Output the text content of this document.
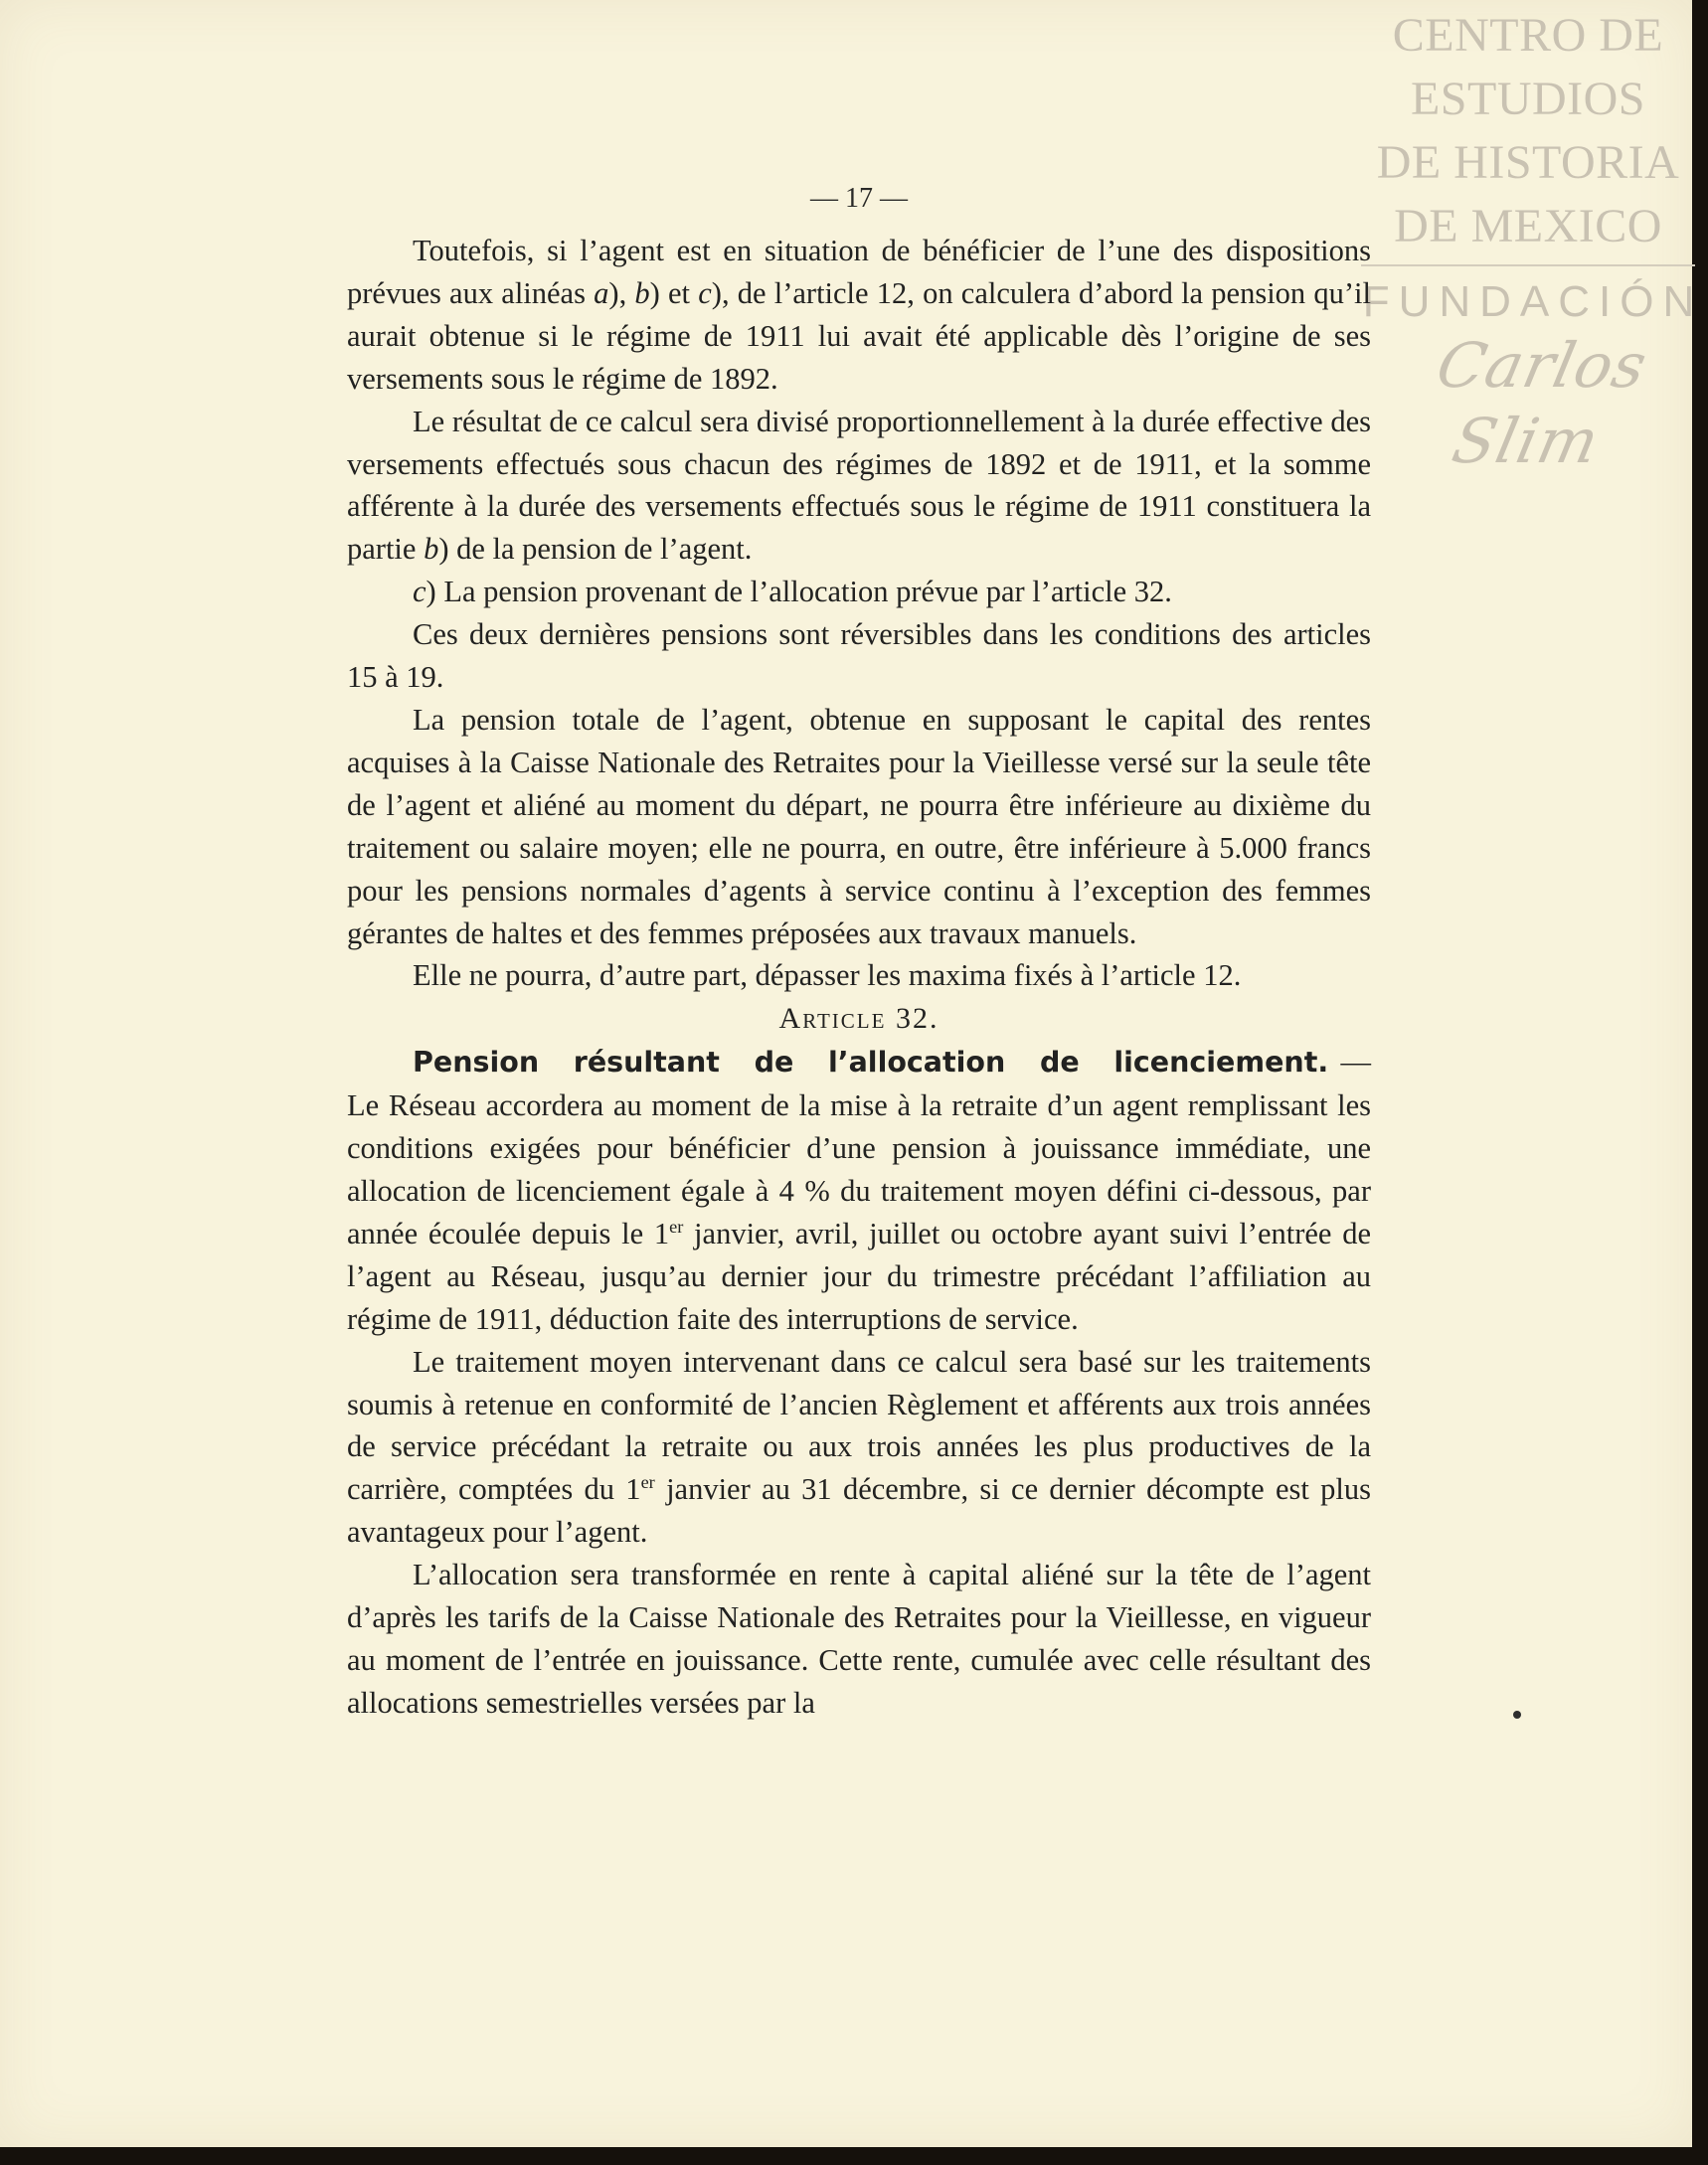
CENTRO DE
ESTUDIOS
DE HISTORIA
DE MEXICO
FUNDACIÓN
Carlos Slim
— 17 —

Toutefois, si l’agent est en situation de bénéficier de l’une des dispositions prévues aux alinéas a), b) et c), de l’article 12, on calculera d’abord la pension qu’il aurait obtenue si le régime de 1911 lui avait été applicable dès l’origine de ses versements sous le régime de 1892.

Le résultat de ce calcul sera divisé proportionnellement à la durée effective des versements effectués sous chacun des régimes de 1892 et de 1911, et la somme afférente à la durée des versements effectués sous le régime de 1911 constituera la partie b) de la pension de l’agent.

c) La pension provenant de l’allocation prévue par l’article 32.

Ces deux dernières pensions sont réversibles dans les conditions des articles 15 à 19.

La pension totale de l’agent, obtenue en supposant le capital des rentes acquises à la Caisse Nationale des Retraites pour la Vieillesse versé sur la seule tête de l’agent et aliéné au moment du départ, ne pourra être inférieure au dixième du traitement ou salaire moyen; elle ne pourra, en outre, être inférieure à 5.000 francs pour les pensions normales d’agents à service continu à l’exception des femmes gérantes de haltes et des femmes préposées aux travaux manuels.

Elle ne pourra, d’autre part, dépasser les maxima fixés à l’article 12.

Article 32.

Pension résultant de l’allocation de licenciement. — Le Réseau accordera au moment de la mise à la retraite d’un agent remplissant les conditions exigées pour bénéficier d’une pension à jouissance immédiate, une allocation de licenciement égale à 4 % du traitement moyen défini ci-dessous, par année écoulée depuis le 1er janvier, avril, juillet ou octobre ayant suivi l’entrée de l’agent au Réseau, jusqu’au dernier jour du trimestre précédant l’affiliation au régime de 1911, déduction faite des interruptions de service.

Le traitement moyen intervenant dans ce calcul sera basé sur les traitements soumis à retenue en conformité de l’ancien Règlement et afférents aux trois années de service précédant la retraite ou aux trois années les plus productives de la carrière, comptées du 1er janvier au 31 décembre, si ce dernier décompte est plus avantageux pour l’agent.

L’allocation sera transformée en rente à capital aliéné sur la tête de l’agent d’après les tarifs de la Caisse Nationale des Retraites pour la Vieillesse, en vigueur au moment de l’entrée en jouissance. Cette rente, cumulée avec celle résultant des allocations semestrielles versées par la
